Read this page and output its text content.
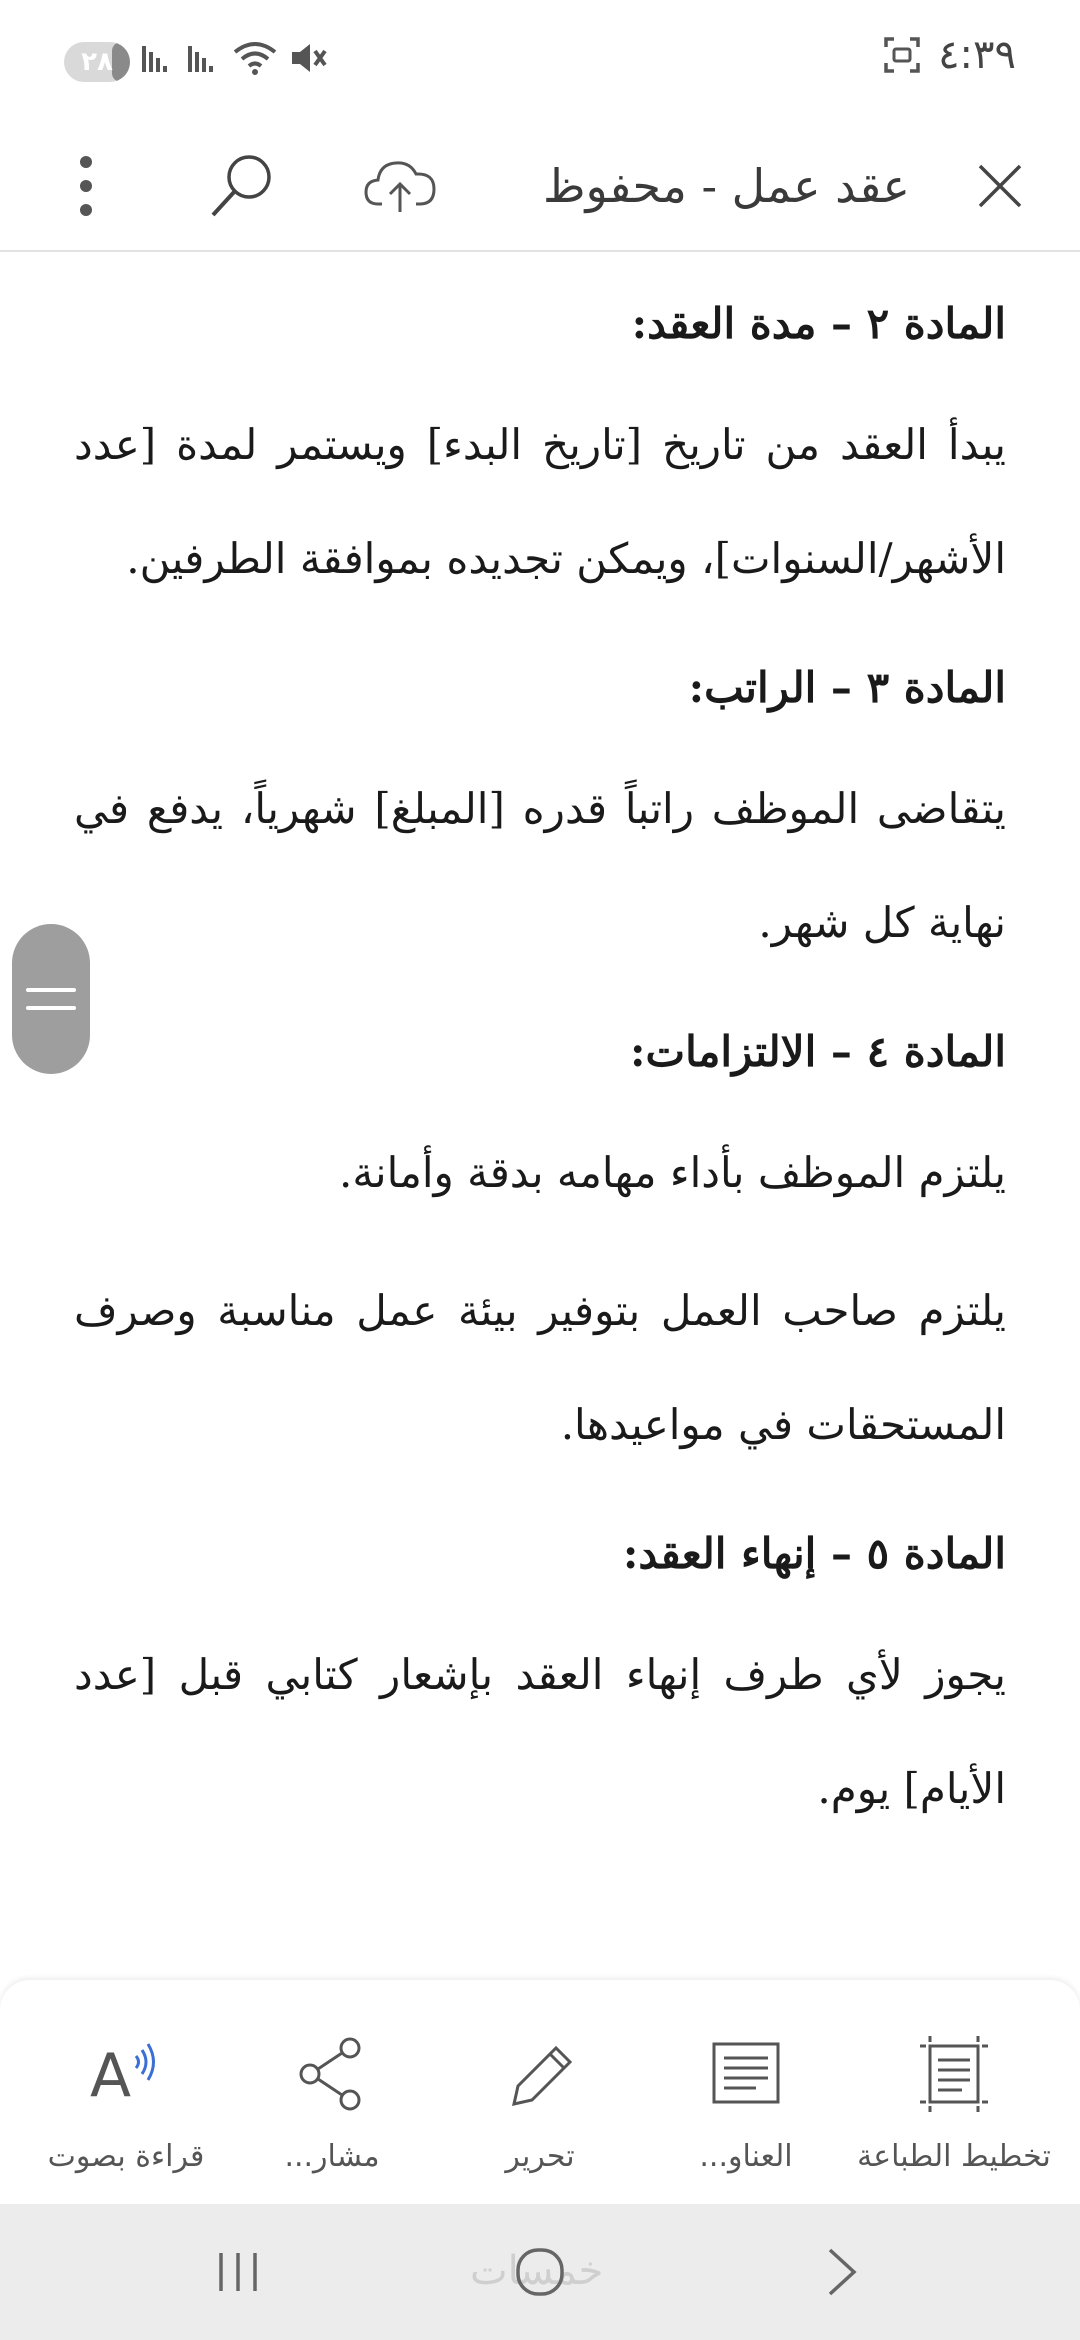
٢٨	٤:٣٩
عقد عمل - محفوظ
المادة ٢ – مدة العقد:
يبدأ العقد من تاريخ [تاريخ البدء] ويستمر لمدة [عدد الأشهر/السنوات]، ويمكن تجديده بموافقة الطرفين.
المادة ٣ – الراتب:
يتقاضى الموظف راتباً قدره [المبلغ] شهرياً، يدفع في نهاية كل شهر.
المادة ٤ – الالتزامات:
يلتزم الموظف بأداء مهامه بدقة وأمانة.
يلتزم صاحب العمل بتوفير بيئة عمل مناسبة وصرف المستحقات في مواعيدها.
المادة ٥ – إنهاء العقد:
يجوز لأي طرف إنهاء العقد بإشعار كتابي قبل [عدد الأيام] يوم.
A
قراءة بصوت	مشار...	تحرير	العناو...	تخطيط الطباعة
خمسات
